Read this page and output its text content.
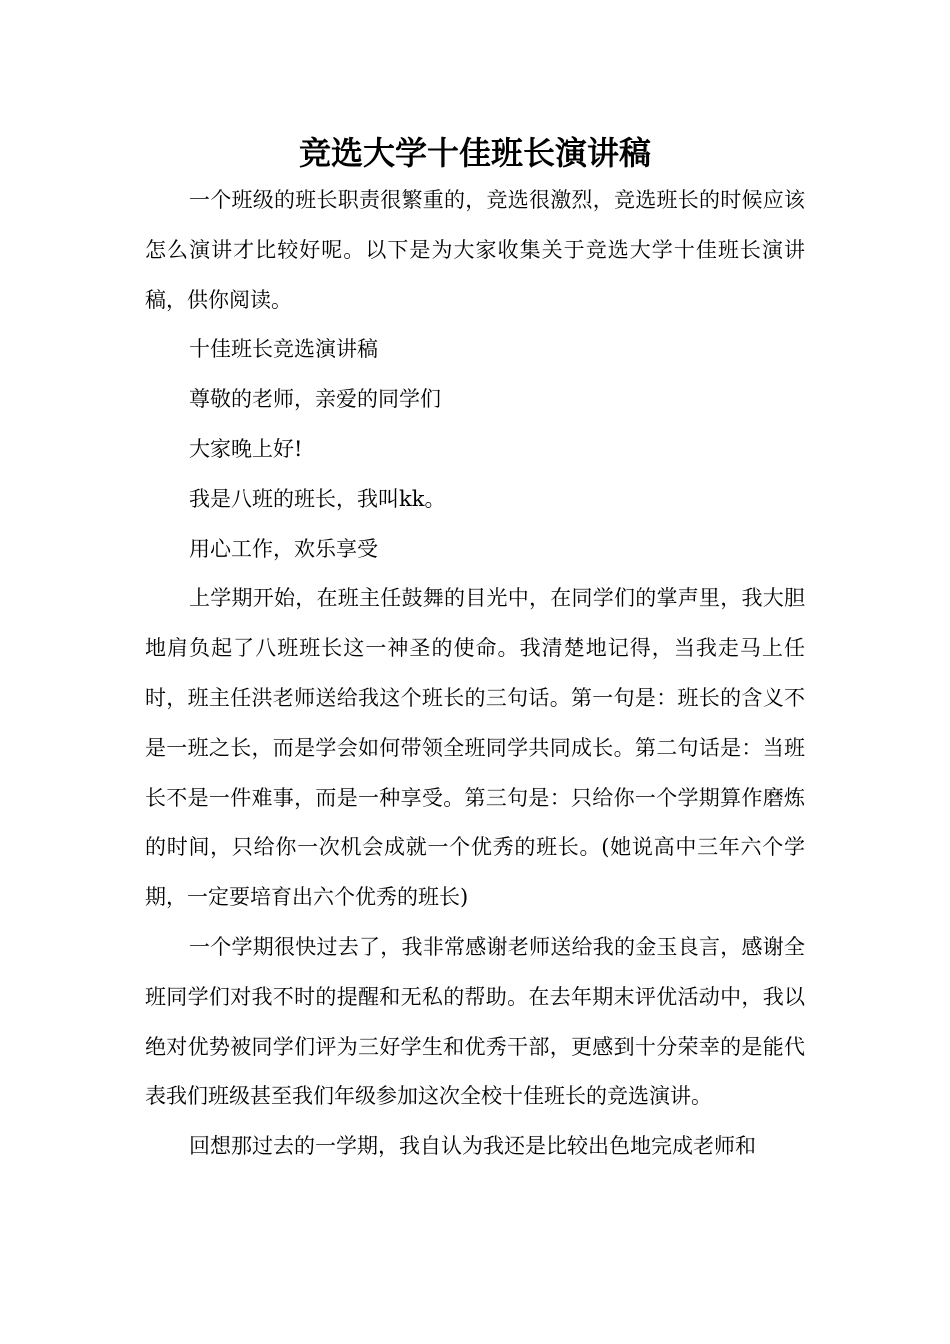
竞选大学十佳班长演讲稿

一个班级的班长职责很繁重的，竞选很激烈，竞选班长的时候应该怎么演讲才比较好呢。以下是为大家收集关于竞选大学十佳班长演讲稿，供你阅读。

十佳班长竞选演讲稿

尊敬的老师，亲爱的同学们

大家晚上好!

我是八班的班长，我叫kk。

用心工作，欢乐享受

上学期开始，在班主任鼓舞的目光中，在同学们的掌声里，我大胆地肩负起了八班班长这一神圣的使命。我清楚地记得，当我走马上任时，班主任洪老师送给我这个班长的三句话。第一句是：班长的含义不是一班之长，而是学会如何带领全班同学共同成长。第二句话是：当班长不是一件难事，而是一种享受。第三句是：只给你一个学期算作磨炼的时间，只给你一次机会成就一个优秀的班长。(她说高中三年六个学期，一定要培育出六个优秀的班长)

一个学期很快过去了，我非常感谢老师送给我的金玉良言，感谢全班同学们对我不时的提醒和无私的帮助。在去年期末评优活动中，我以绝对优势被同学们评为三好学生和优秀干部，更感到十分荣幸的是能代表我们班级甚至我们年级参加这次全校十佳班长的竞选演讲。

回想那过去的一学期，我自认为我还是比较出色地完成老师和
